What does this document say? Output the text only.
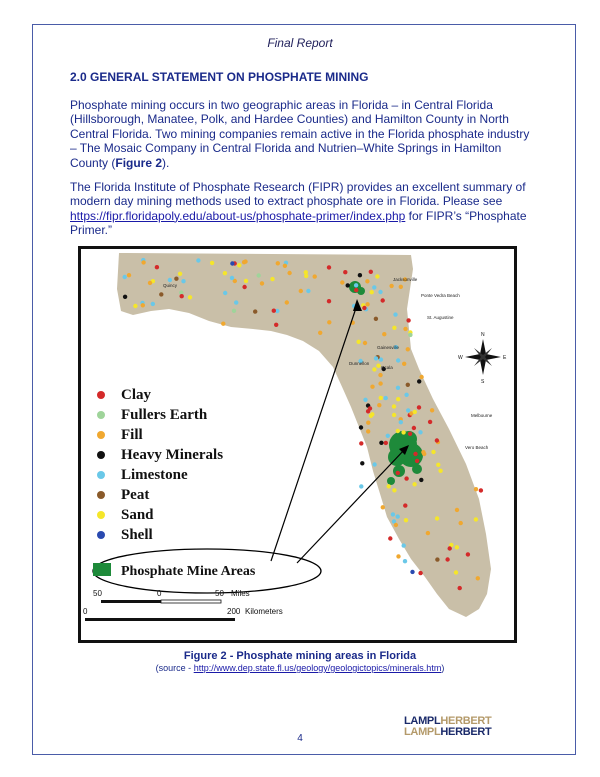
Final Report
2.0 GENERAL STATEMENT ON PHOSPHATE MINING
Phosphate mining occurs in two geographic areas in Florida – in Central Florida (Hillsborough, Manatee, Polk, and Hardee Counties) and Hamilton County in North Central Florida. Two mining companies remain active in the Florida phosphate industry – The Mosaic Company in Central Florida and Nutrien–White Springs in Hamilton County (Figure 2).
The Florida Institute of Phosphate Research (FIPR) provides an excellent summary of modern day mining methods used to extract phosphate ore in Florida. Please see https://fipr.floridapoly.edu/about-us/phosphate-primer/index.php for FIPR’s “Phosphate Primer.”
Quincy
Jacksonville
Ponte Vedra Beach
St. Augustine
Gainesville
Dunnellon
Ocala
Melbourne
Vero Beach
N
S
E
W
Clay
Fullers Earth
Fill
Heavy Minerals
Limestone
Peat
Sand
Shell
Phosphate Mine Areas
50	0	50 Miles
0	200 Kilometers
Figure 2 - Phosphate mining areas in Florida
(source - http://www.dep.state.fl.us/geology/geologictopics/minerals.htm)
4
LAMPLHERBERT
LAMPLHERBERT
